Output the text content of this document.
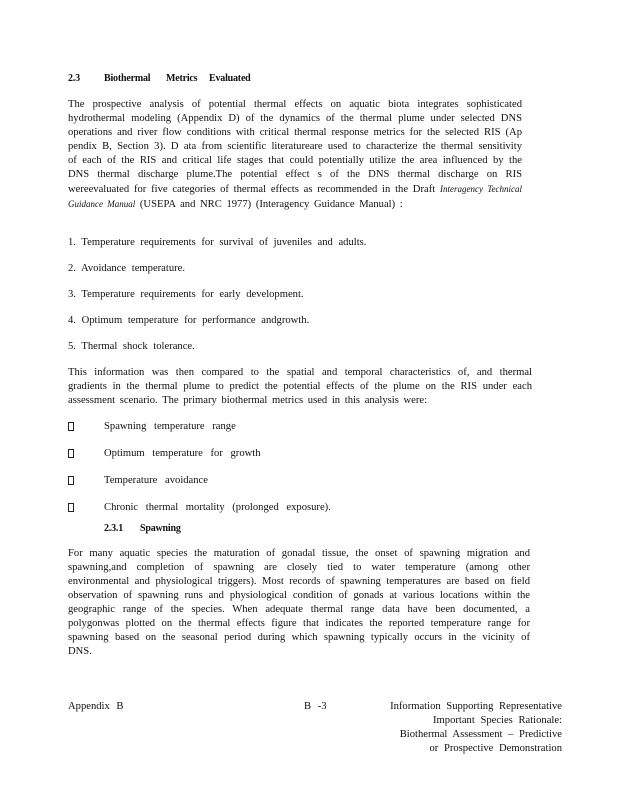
2.3 Biothermal Metrics Evaluated

The prospective analysis of potential thermal effects on aquatic biota integrates sophisticated hydrothermal modeling (Appendix D) of the dynamics of the thermal plume under selected DNS operations and river flow conditions with critical thermal response metrics for the selected RIS (Ap pendix B, Section 3). D ata from scientific literatureare used to characterize the thermal sensitivity of each of the RIS and critical life stages that could potentially utilize the area influenced by the DNS thermal discharge plume.The potential effect s of the DNS thermal discharge on RIS wereevaluated for five categories of thermal effects as recommended in the Draft Interagency Technical Guidance Manual (USEPA and NRC 1977) (Interagency Guidance Manual) :

1. Temperature requirements for survival of juveniles and adults.
2. Avoidance temperature.
3. Temperature requirements for early development.
4. Optimum temperature for performance andgrowth.
5. Thermal shock tolerance.

This information was then compared to the spatial and temporal characteristics of, and thermal gradients in the thermal plume to predict the potential effects of the plume on the RIS under each assessment scenario. The primary biothermal metrics used in this analysis were:

Spawning temperature range
Optimum temperature for growth
Temperature avoidance
Chronic thermal mortality (prolonged exposure).
2.3.1 Spawning

For many aquatic species the maturation of gonadal tissue, the onset of spawning migration and spawning,and completion of spawning are closely tied to water temperature (among other environmental and physiological triggers). Most records of spawning temperatures are based on field observation of spawning runs and physiological condition of gonads at various locations within the geographic range of the species. When adequate thermal range data have been documented, a polygonwas plotted on the thermal effects figure that indicates the reported temperature range for spawning based on the seasonal period during which spawning typically occurs in the vicinity of DNS.

Appendix B	B -3	Information Supporting Representative
Important Species Rationale:
Biothermal Assessment – Predictive
or Prospective Demonstration
